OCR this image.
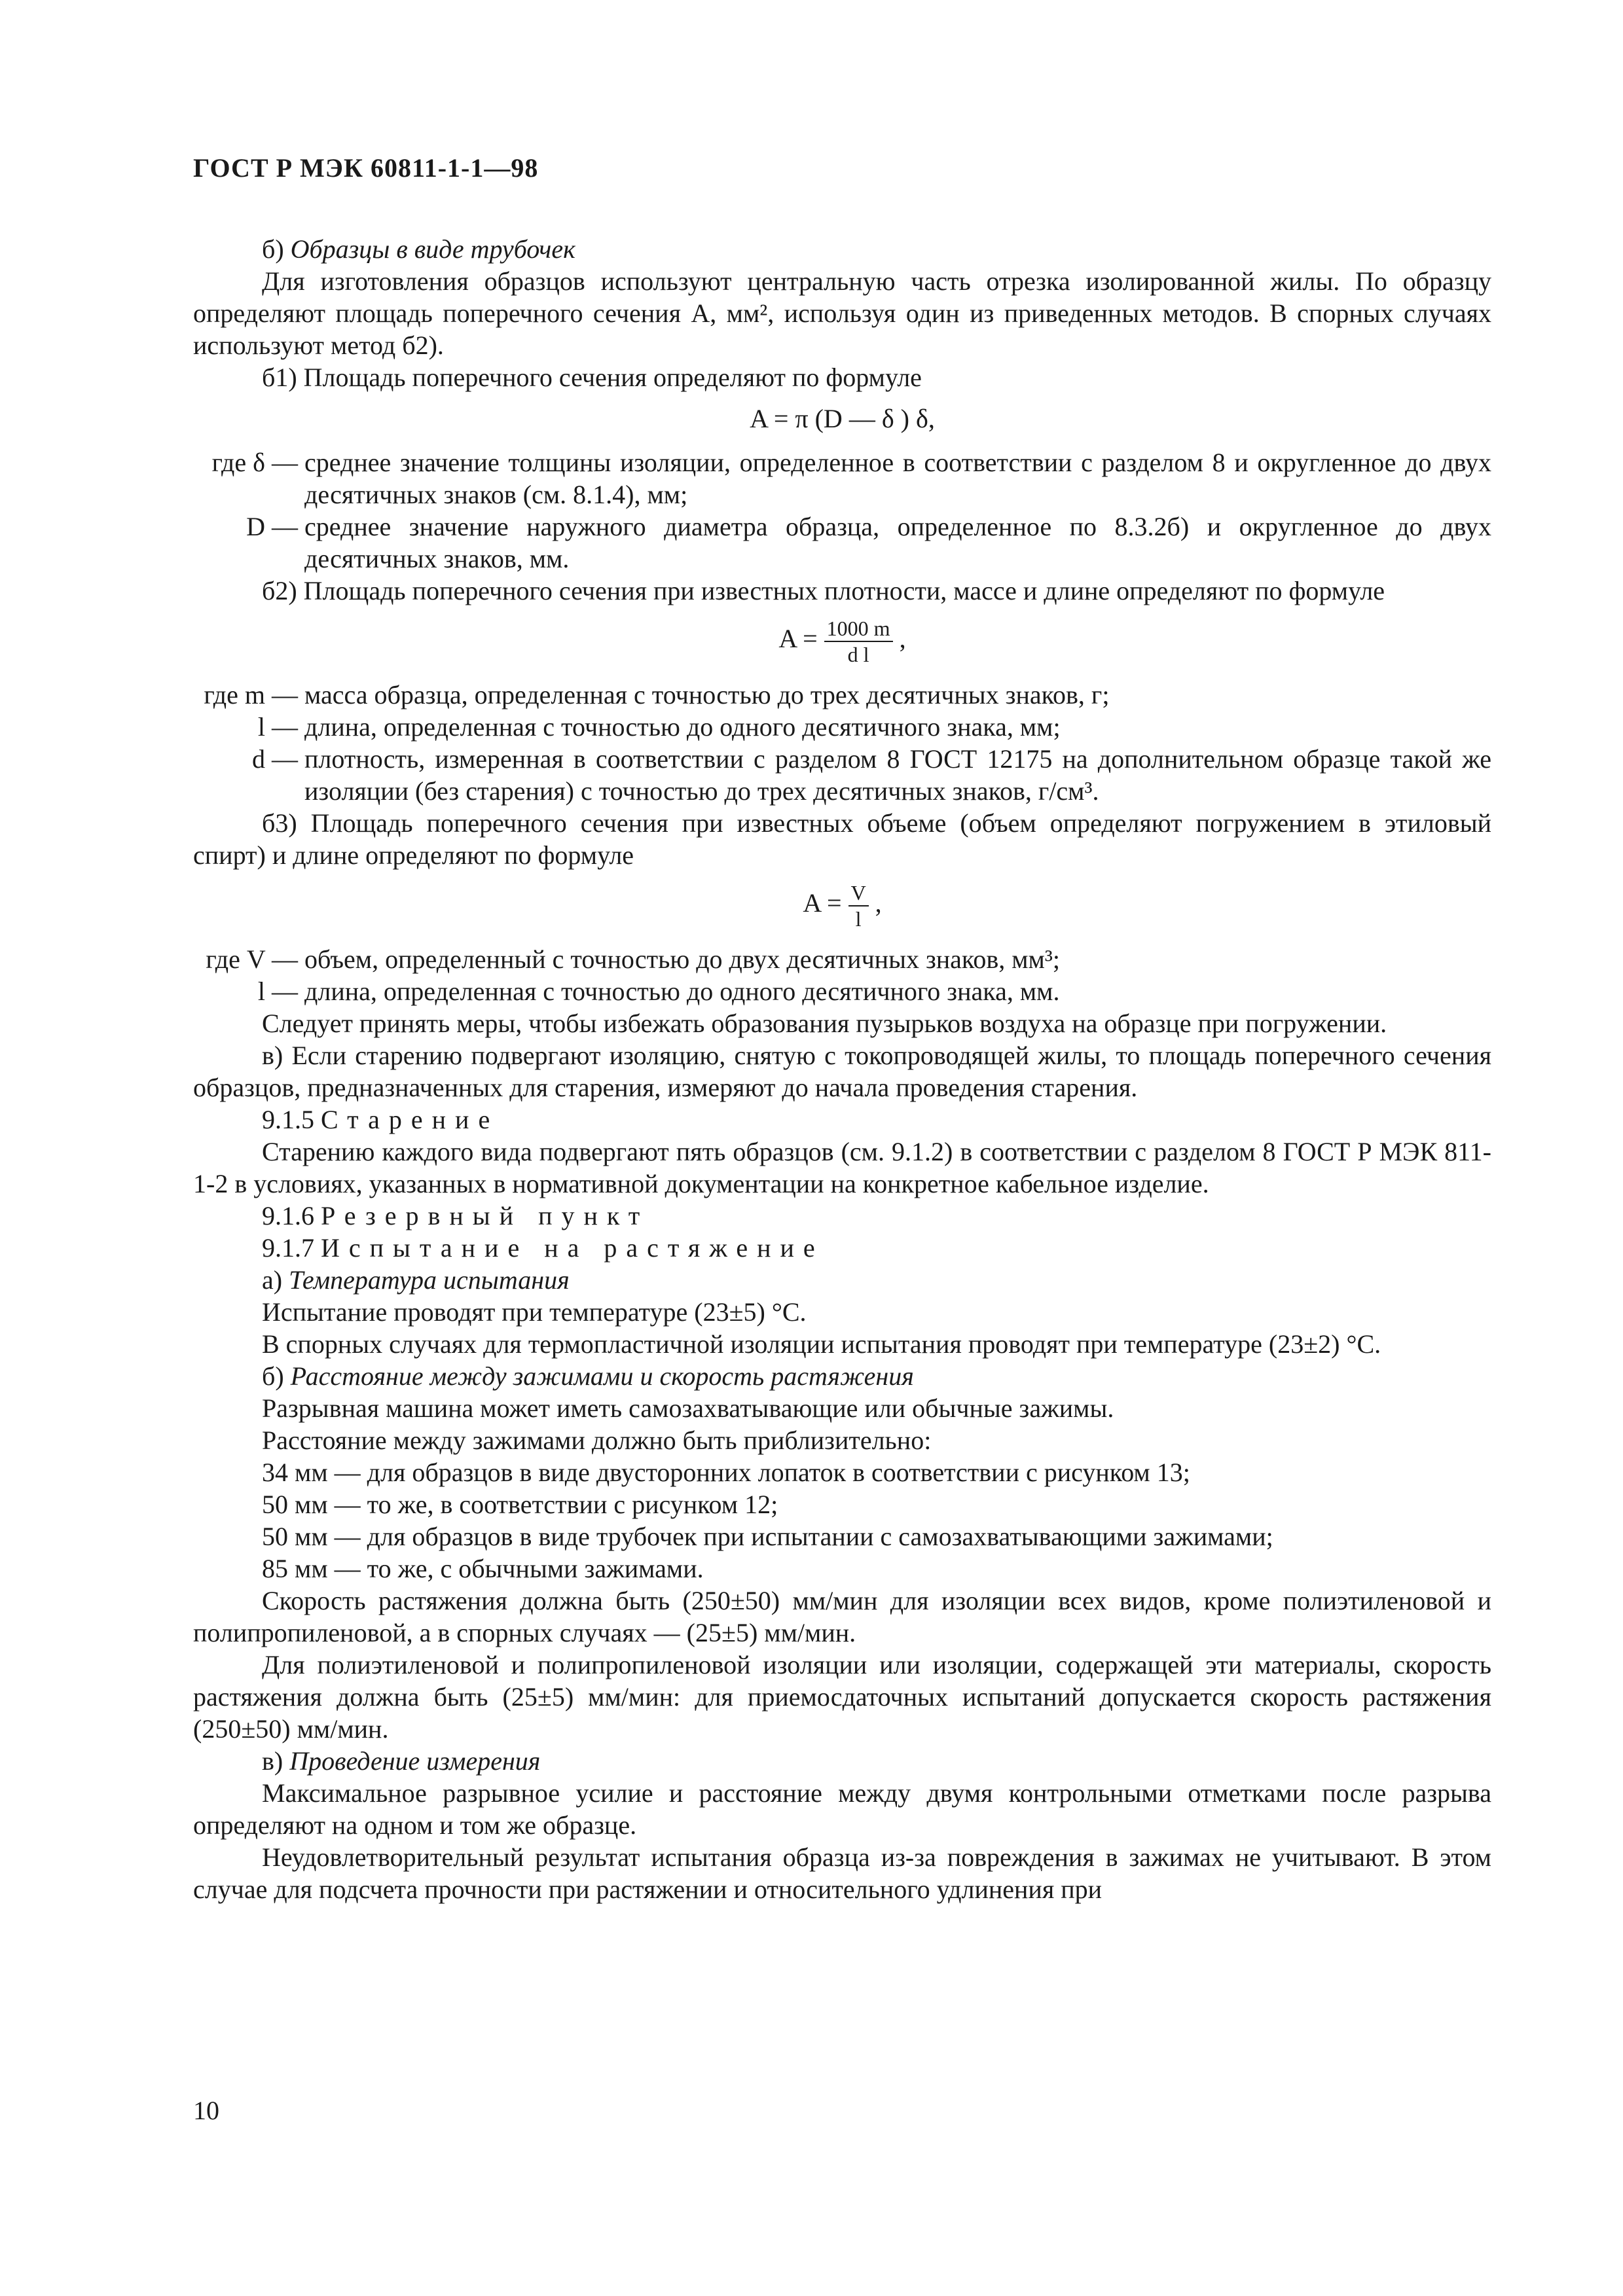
ГОСТ Р МЭК 60811-1-1—98

б) Образцы в виде трубочек

Для изготовления образцов используют центральную часть отрезка изолированной жилы. По образцу определяют площадь поперечного сечения A, мм², используя один из приведенных методов. В спорных случаях используют метод б2).

б1) Площадь поперечного сечения определяют по формуле

A = π (D — δ ) δ,

где δ — среднее значение толщины изоляции, определенное в соответствии с разделом 8 и округленное до двух десятичных знаков (см. 8.1.4), мм;
D — среднее значение наружного диаметра образца, определенное по 8.3.2б) и округленное до двух десятичных знаков, мм.

б2) Площадь поперечного сечения при известных плотности, массе и длине определяют по формуле

$A = \frac{1000 m}{\text{d l}}$ ,

где m — масса образца, определенная с точностью до трех десятичных знаков, г;
l — длина, определенная с точностью до одного десятичного знака, мм;
d — плотность, измеренная в соответствии с разделом 8 ГОСТ 12175 на дополнительном образце такой же изоляции (без старения) с точностью до трех десятичных знаков, г/см³.

б3) Площадь поперечного сечения при известных объеме (объем определяют погружением в этиловый спирт) и длине определяют по формуле

$A = \frac{V}{l}$ ,

где V — объем, определенный с точностью до двух десятичных знаков, мм³;
l — длина, определенная с точностью до одного десятичного знака, мм.

Следует принять меры, чтобы избежать образования пузырьков воздуха на образце при погружении.

в) Если старению подвергают изоляцию, снятую с токопроводящей жилы, то площадь поперечного сечения образцов, предназначенных для старения, измеряют до начала проведения старения.

9.1.5 Старение

Старению каждого вида подвергают пять образцов (см. 9.1.2) в соответствии с разделом 8 ГОСТ Р МЭК 811-1-2 в условиях, указанных в нормативной документации на конкретное кабельное изделие.

9.1.6 Резервный пункт

9.1.7 Испытание на растяжение

а) Температура испытания

Испытание проводят при температуре (23±5) °С.

В спорных случаях для термопластичной изоляции испытания проводят при температуре (23±2) °С.

б) Расстояние между зажимами и скорость растяжения

Разрывная машина может иметь самозахватывающие или обычные зажимы.

Расстояние между зажимами должно быть приблизительно:

34 мм — для образцов в виде двусторонних лопаток в соответствии с рисунком 13;

50 мм — то же, в соответствии с рисунком 12;

50 мм — для образцов в виде трубочек при испытании с самозахватывающими зажимами;

85 мм — то же, с обычными зажимами.

Скорость растяжения должна быть (250±50) мм/мин для изоляции всех видов, кроме полиэтиленовой и полипропиленовой, а в спорных случаях — (25±5) мм/мин.

Для полиэтиленовой и полипропиленовой изоляции или изоляции, содержащей эти материалы, скорость растяжения должна быть (25±5) мм/мин: для приемосдаточных испытаний допускается скорость растяжения (250±50) мм/мин.

в) Проведение измерения

Максимальное разрывное усилие и расстояние между двумя контрольными отметками после разрыва определяют на одном и том же образце.

Неудовлетворительный результат испытания образца из-за повреждения в зажимах не учитывают. В этом случае для подсчета прочности при растяжении и относительного удлинения при

10
